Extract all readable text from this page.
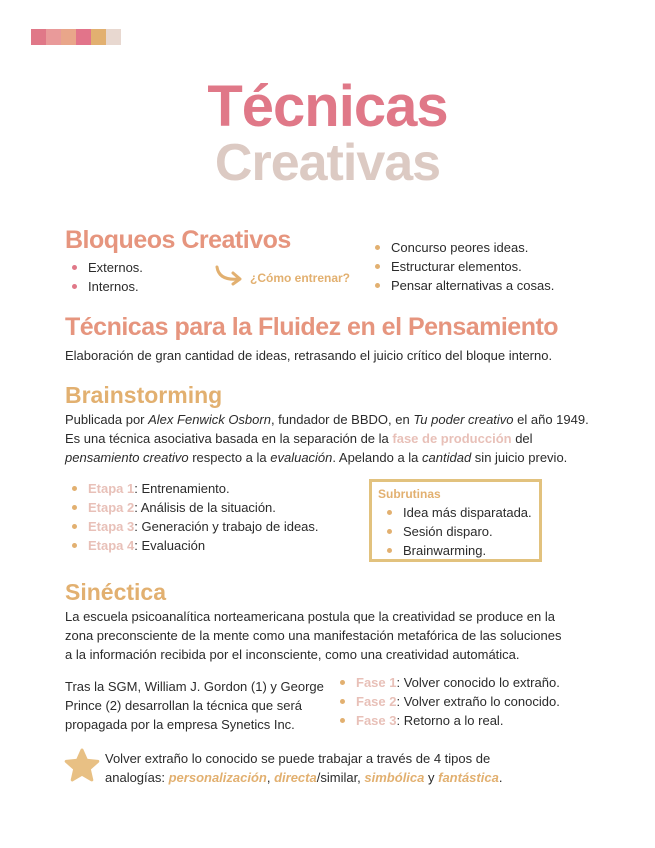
Técnicas
Creativas
Bloqueos Creativos
Externos.
Internos.
¿Cómo entrenar?
Concurso peores ideas.
Estructurar elementos.
Pensar alternativas a cosas.
Técnicas para la Fluidez en el Pensamiento
Elaboración de gran cantidad de ideas, retrasando el juicio crítico del bloque interno.
Brainstorming
Publicada por Alex Fenwick Osborn, fundador de BBDO, en Tu poder creativo el año 1949.
Es una técnica asociativa basada en la separación de la fase de producción del
pensamiento creativo respecto a la evaluación. Apelando a la cantidad sin juicio previo.
Etapa 1: Entrenamiento.
Etapa 2: Análisis de la situación.
Etapa 3: Generación y trabajo de ideas.
Etapa 4: Evaluación
Subrutinas
Idea más disparatada.
Sesión disparo.
Brainwarming.
Sinéctica
La escuela psicoanalítica norteamericana postula que la creatividad se produce en la
zona preconsciente de la mente como una manifestación metafórica de las soluciones
a la información recibida por el inconsciente, como una creatividad automática.
Tras la SGM, William J. Gordon (1) y George
Prince (2) desarrollan la técnica que será
propagada por la empresa Synetics Inc.
Fase 1: Volver conocido lo extraño.
Fase 2: Volver extraño lo conocido.
Fase 3: Retorno a lo real.
Volver extraño lo conocido se puede trabajar a través de 4 tipos de
analogías: personalización, directa/similar, simbólica y fantástica.
